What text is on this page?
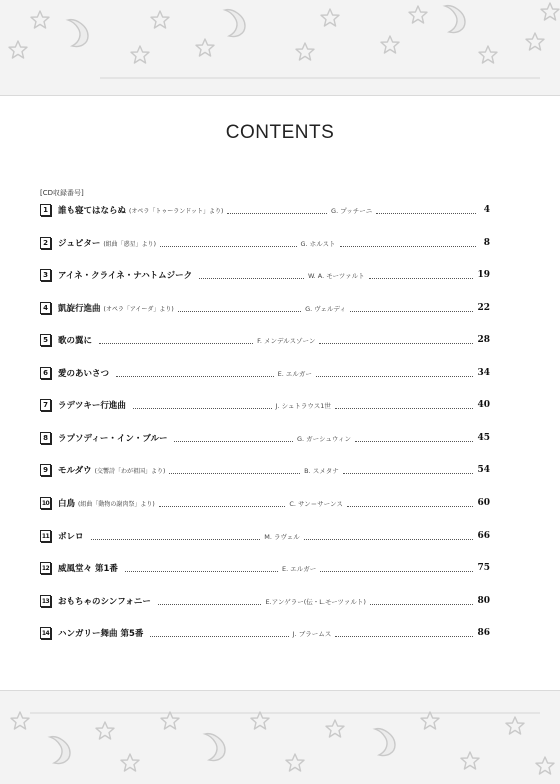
CONTENTS
[CD収録番号]
1	誰も寝てはならぬ (オペラ「トゥーランドット」より)	G. プッチーニ	4
2	ジュピター (組曲「惑星」より)	G. ホルスト	8
3	アイネ・クライネ・ナハトムジーク	W. A. モーツァルト	19
4	凱旋行進曲 (オペラ「アイーダ」より)	G. ヴェルディ	22
5	歌の翼に	F. メンデルスゾーン	28
6	愛のあいさつ	E. エルガー	34
7	ラデツキー行進曲	J. シュトラウス1世	40
8	ラプソディー・イン・ブルー	G. ガーシュウィン	45
9	モルダウ (交響詩「わが祖国」より)	B. スメタナ	54
10 白鳥 (組曲「動物の謝肉祭」より)	C. サン＝サーンス	60
11 ボレロ	M. ラヴェル	66
12 威風堂々 第1番	E. エルガー	75
13 おもちゃのシンフォニー	E.アンゲラー(伝・L.モーツァルト)	80
14 ハンガリー舞曲 第5番	J. ブラームス	86
